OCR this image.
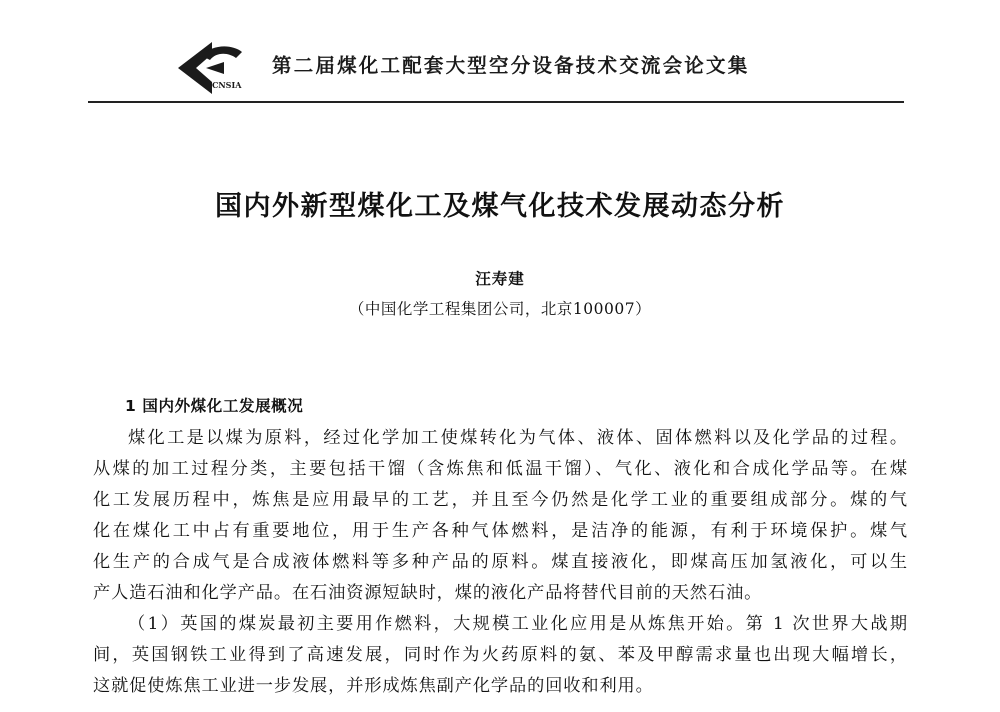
CNSIA
第二届煤化工配套大型空分设备技术交流会论文集
国内外新型煤化工及煤气化技术发展动态分析
汪寿建
（中国化学工程集团公司，北京100007）
1 国内外煤化工发展概况
煤化工是以煤为原料，经过化学加工使煤转化为气体、液体、固体燃料以及化学品的过程。
从煤的加工过程分类，主要包括干馏（含炼焦和低温干馏）、气化、液化和合成化学品等。在煤
化工发展历程中，炼焦是应用最早的工艺，并且至今仍然是化学工业的重要组成部分。煤的气
化在煤化工中占有重要地位，用于生产各种气体燃料，是洁净的能源，有利于环境保护。煤气
化生产的合成气是合成液体燃料等多种产品的原料。煤直接液化，即煤高压加氢液化，可以生
产人造石油和化学产品。在石油资源短缺时，煤的液化产品将替代目前的天然石油。
（1）英国的煤炭最初主要用作燃料，大规模工业化应用是从炼焦开始。第 1 次世界大战期
间，英国钢铁工业得到了高速发展，同时作为火药原料的氨、苯及甲醇需求量也出现大幅增长，
这就促使炼焦工业进一步发展，并形成炼焦副产化学品的回收和利用。
